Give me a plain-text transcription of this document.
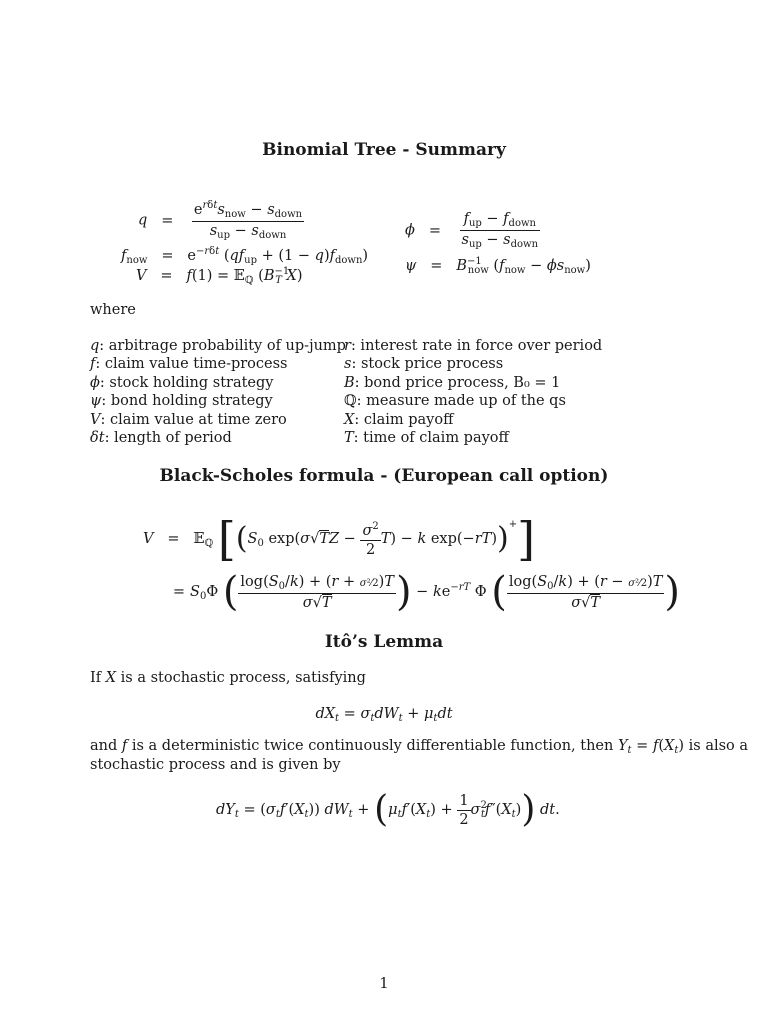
Binomial Tree - Summary
$q = \frac{e^{r\delta t}s_{now} - s_{down}}{s_{up} - s_{down}}$
$f_{now} = e^{-r\delta t}$ $(qf_{up} + (1 - q)f_{down})$
V = f(1) = 𝔼$_ℚ$ ($B^{-1}_T$ X)
$\phi = \frac{f_{up} - f_{down}}{s_{up} - s_{down}}$
$\psi = B^{-1}_{now}$ $(f_{now} - \phi s_{now})$
where
q: arbitrage probability of up-jump
f: claim value time-process
ϕ: stock holding strategy
ψ: bond holding strategy
V: claim value at time zero
δt: length of period
r: interest rate in force over period
s: stock price process
B: bond price process, B₀ = 1
ℚ: measure made up of the qs
X: claim payoff
T: time of claim payoff
Black-Scholes formula - (European call option)
V = 𝔼$_ℚ$ [($S_0$ $\exp(\sigma√TZ - \frac{\sigma^2}{2} T) - k$ exp(−rT))+]
= $S_0\Phi$ ( $\frac{\log(S_0/k) + (r + \sigma^2⁄2)T}{\sigma√T}$ ) − $ke^{-rT}$ Φ ( $\frac{\log(S_0/k) + (r - \sigma^2⁄2)T}{\sigma√T}$ )
Itô’s Lemma
If X is a stochastic process, satisfying
$dX_t = \sigma_tdW_t + \mu_tdt$
and f is a deterministic twice continuously differentiable function, then $Y_t = f(X_t)$ is also a
stochastic process and is given by
$dY_t = (\sigma_tf'(X_t)) dW_t + (\mu_tf'(X_t) + \frac{1}{2} \sigma^2_tf''(X_t))$ dt.
1
